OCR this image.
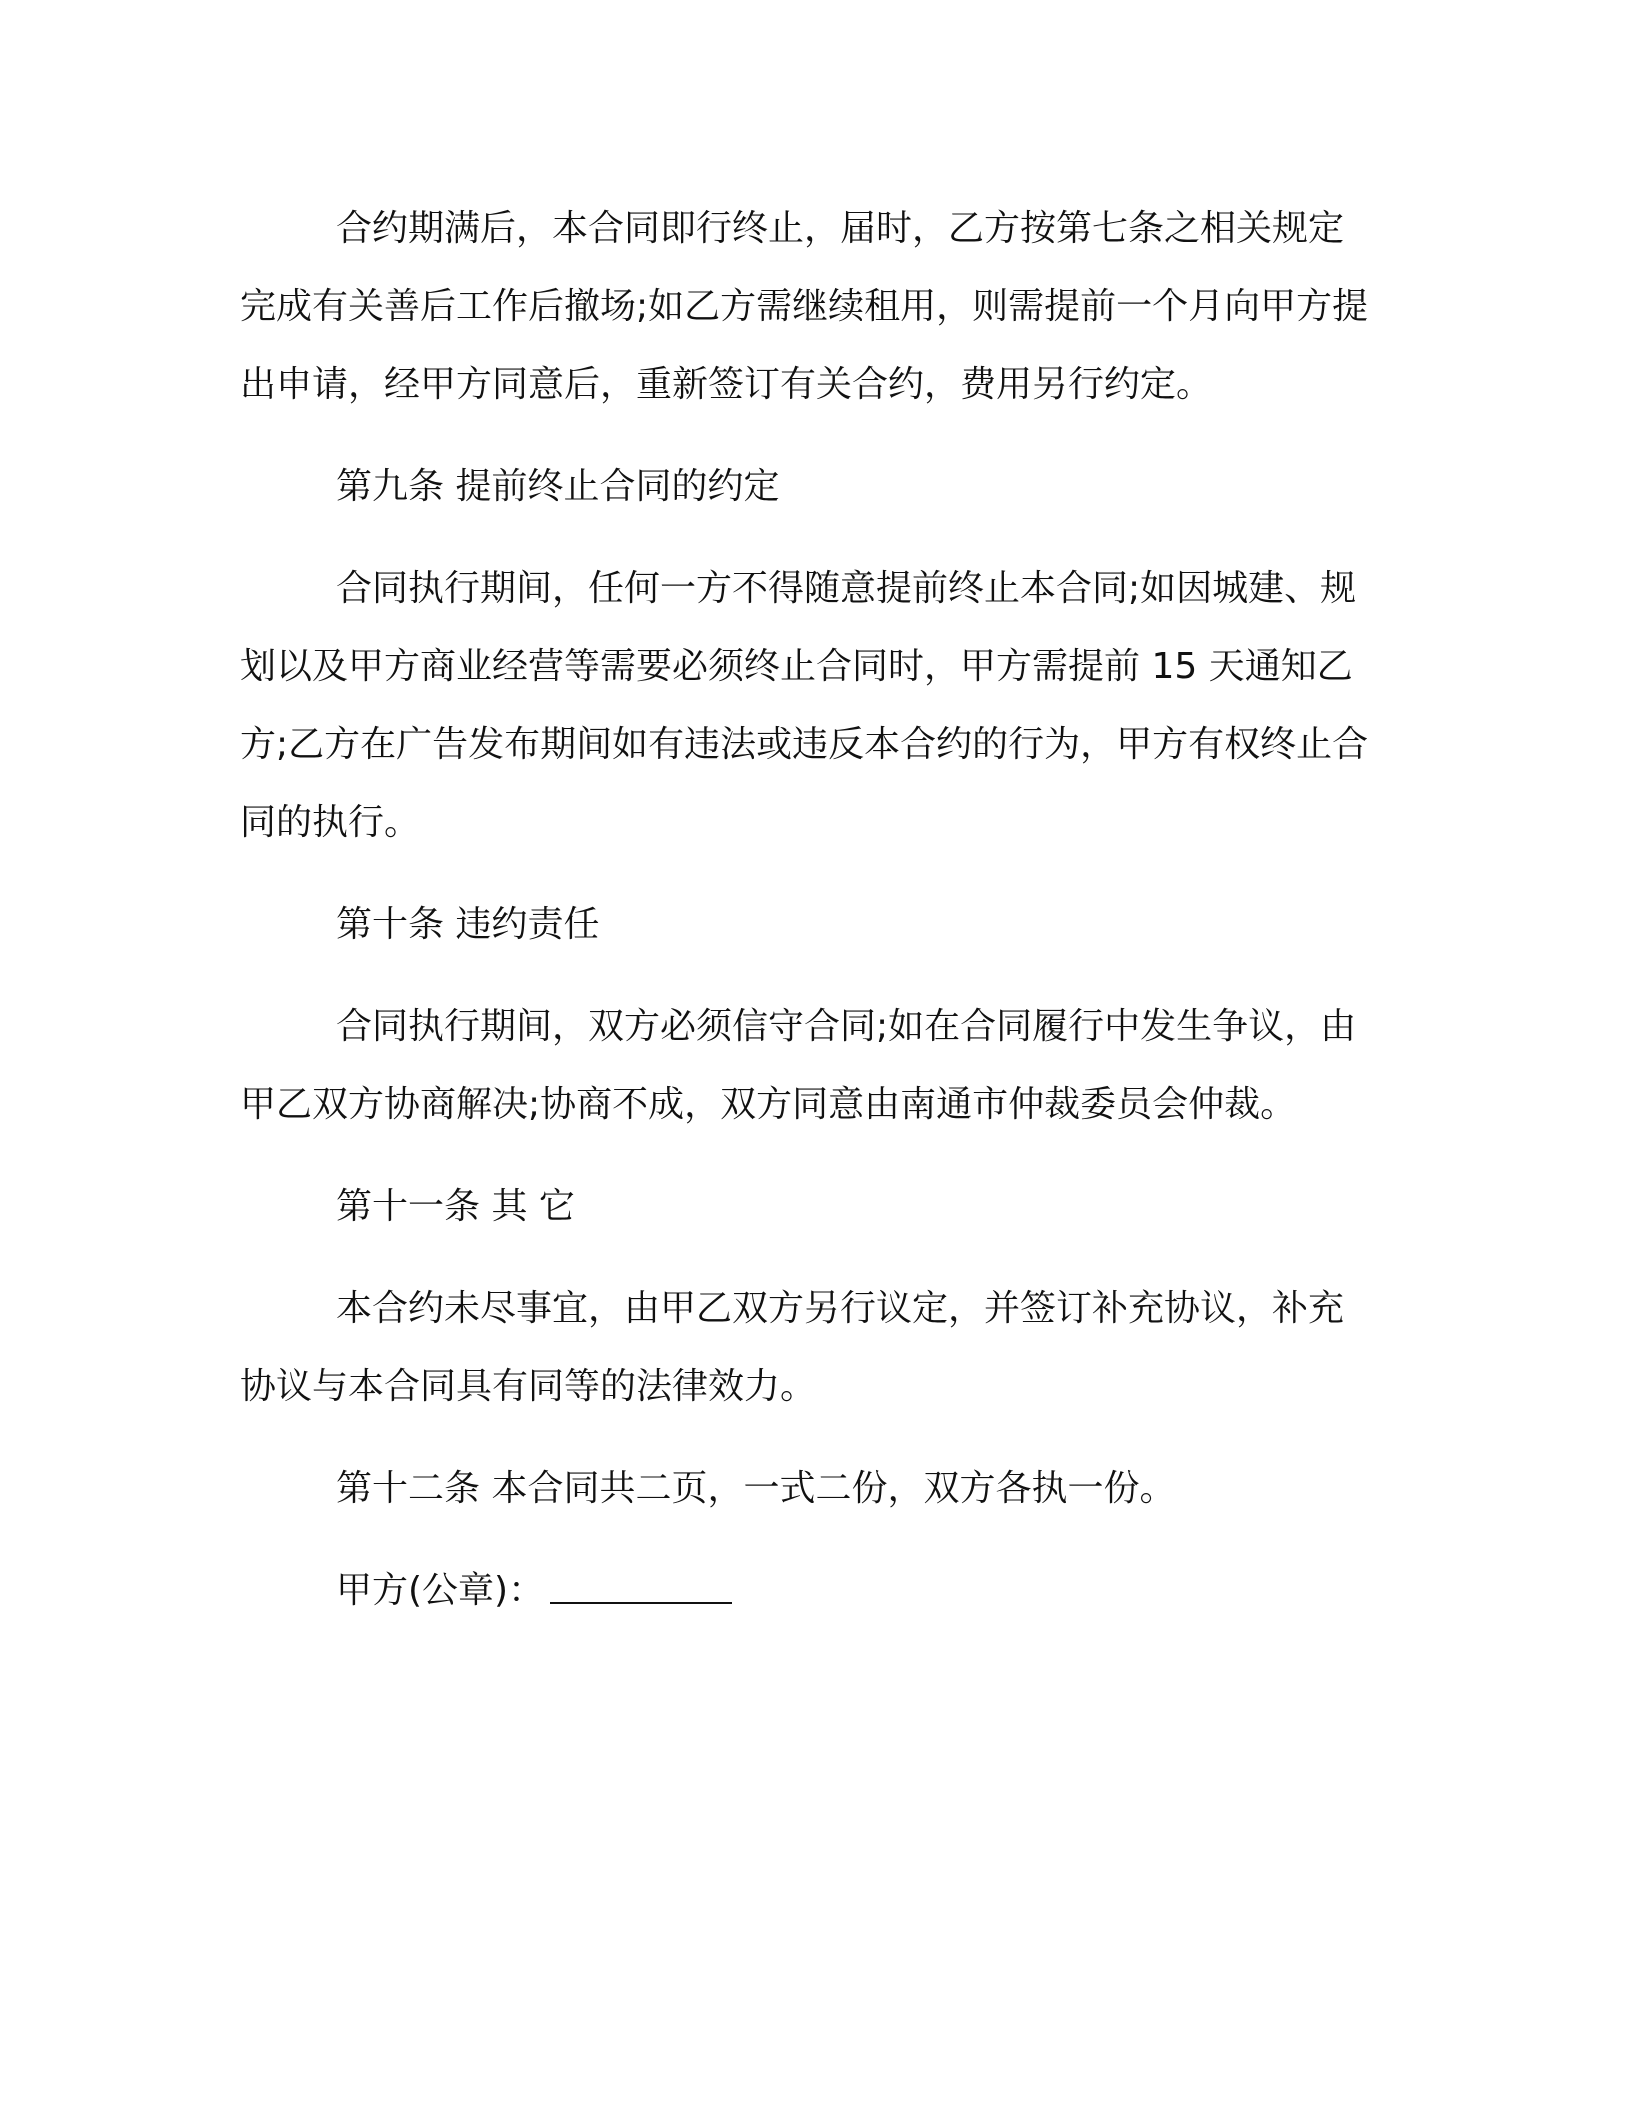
合约期满后，本合同即行终止，届时，乙方按第七条之相关规定完成有关善后工作后撤场;如乙方需继续租用，则需提前一个月向甲方提出申请，经甲方同意后，重新签订有关合约，费用另行约定。

第九条 提前终止合同的约定

合同执行期间，任何一方不得随意提前终止本合同;如因城建、规划以及甲方商业经营等需要必须终止合同时，甲方需提前 15 天通知乙方;乙方在广告发布期间如有违法或违反本合约的行为，甲方有权终止合同的执行。

第十条 违约责任

合同执行期间，双方必须信守合同;如在合同履行中发生争议，由甲乙双方协商解决;协商不成，双方同意由南通市仲裁委员会仲裁。

第十一条 其 它

本合约未尽事宜，由甲乙双方另行议定，并签订补充协议，补充协议与本合同具有同等的法律效力。

第十二条 本合同共二页，一式二份，双方各执一份。

甲方(公章)：
